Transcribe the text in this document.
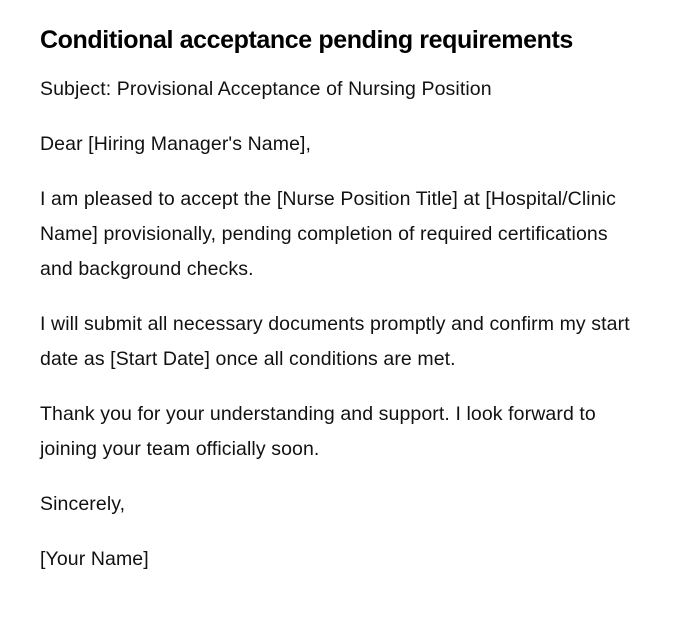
Conditional acceptance pending requirements

Subject: Provisional Acceptance of Nursing Position

Dear [Hiring Manager's Name],

I am pleased to accept the [Nurse Position Title] at [Hospital/Clinic Name] provisionally, pending completion of required certifications and background checks.

I will submit all necessary documents promptly and confirm my start date as [Start Date] once all conditions are met.

Thank you for your understanding and support. I look forward to joining your team officially soon.

Sincerely,

[Your Name]
